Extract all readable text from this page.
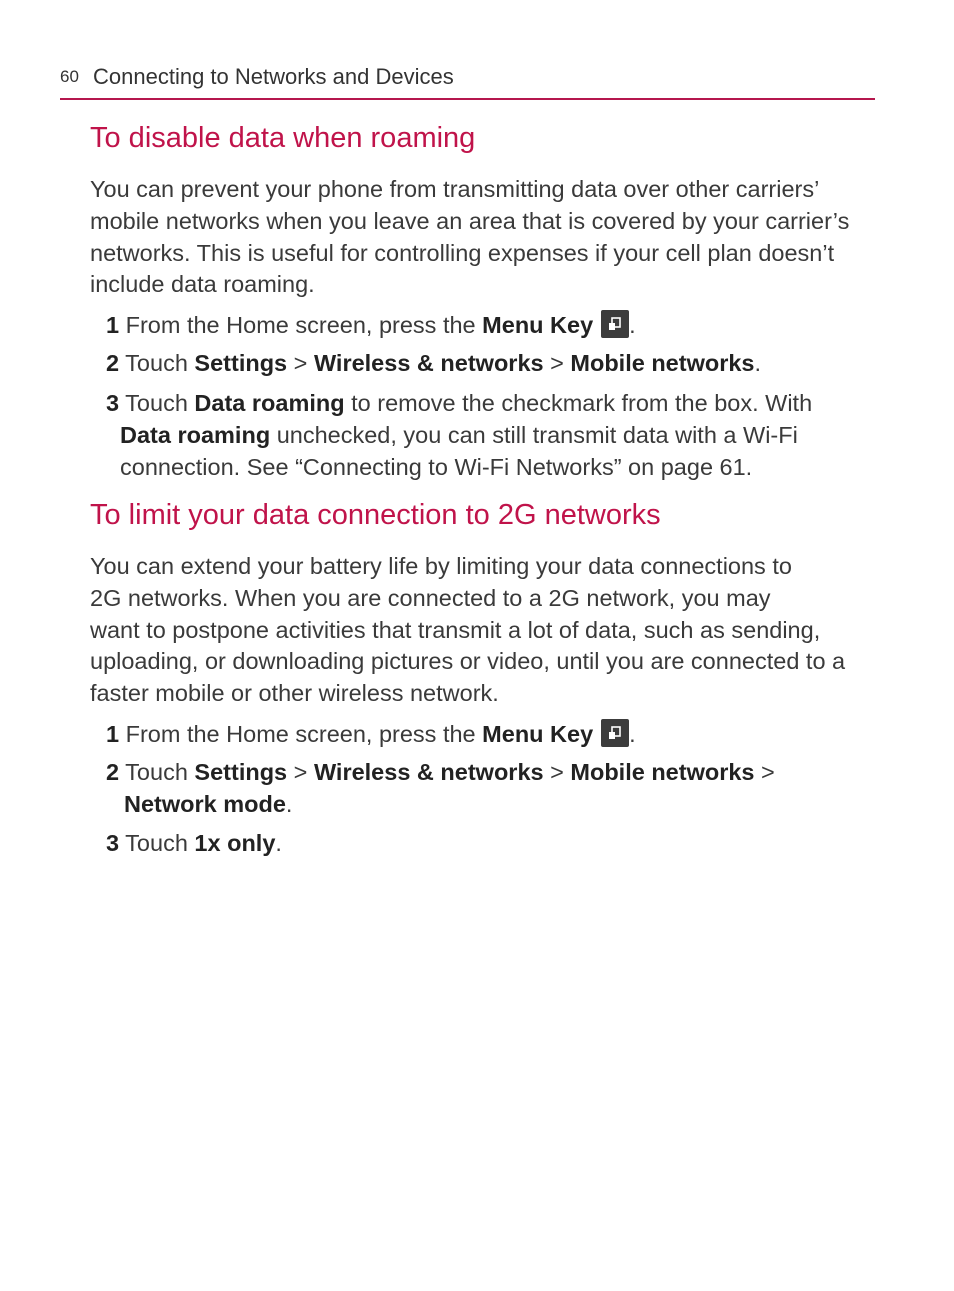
60 Connecting to Networks and Devices
To disable data when roaming

You can prevent your phone from transmitting data over other carriers’
mobile networks when you leave an area that is covered by your carrier’s
networks. This is useful for controlling expenses if your cell plan doesn’t
include data roaming.

1 From the Home screen, press the Menu Key .

2 Touch Settings > Wireless & networks > Mobile networks.

3 Touch Data roaming to remove the checkmark from the box. With
Data roaming unchecked, you can still transmit data with a Wi-Fi
connection. See “Connecting to Wi-Fi Networks” on page 61.

To limit your data connection to 2G networks

You can extend your battery life by limiting your data connections to
2G networks. When you are connected to a 2G network, you may
want to postpone activities that transmit a lot of data, such as sending,
uploading, or downloading pictures or video, until you are connected to a
faster mobile or other wireless network.

1 From the Home screen, press the Menu Key .

2 Touch Settings > Wireless & networks > Mobile networks >
Network mode.

3 Touch 1x only.
